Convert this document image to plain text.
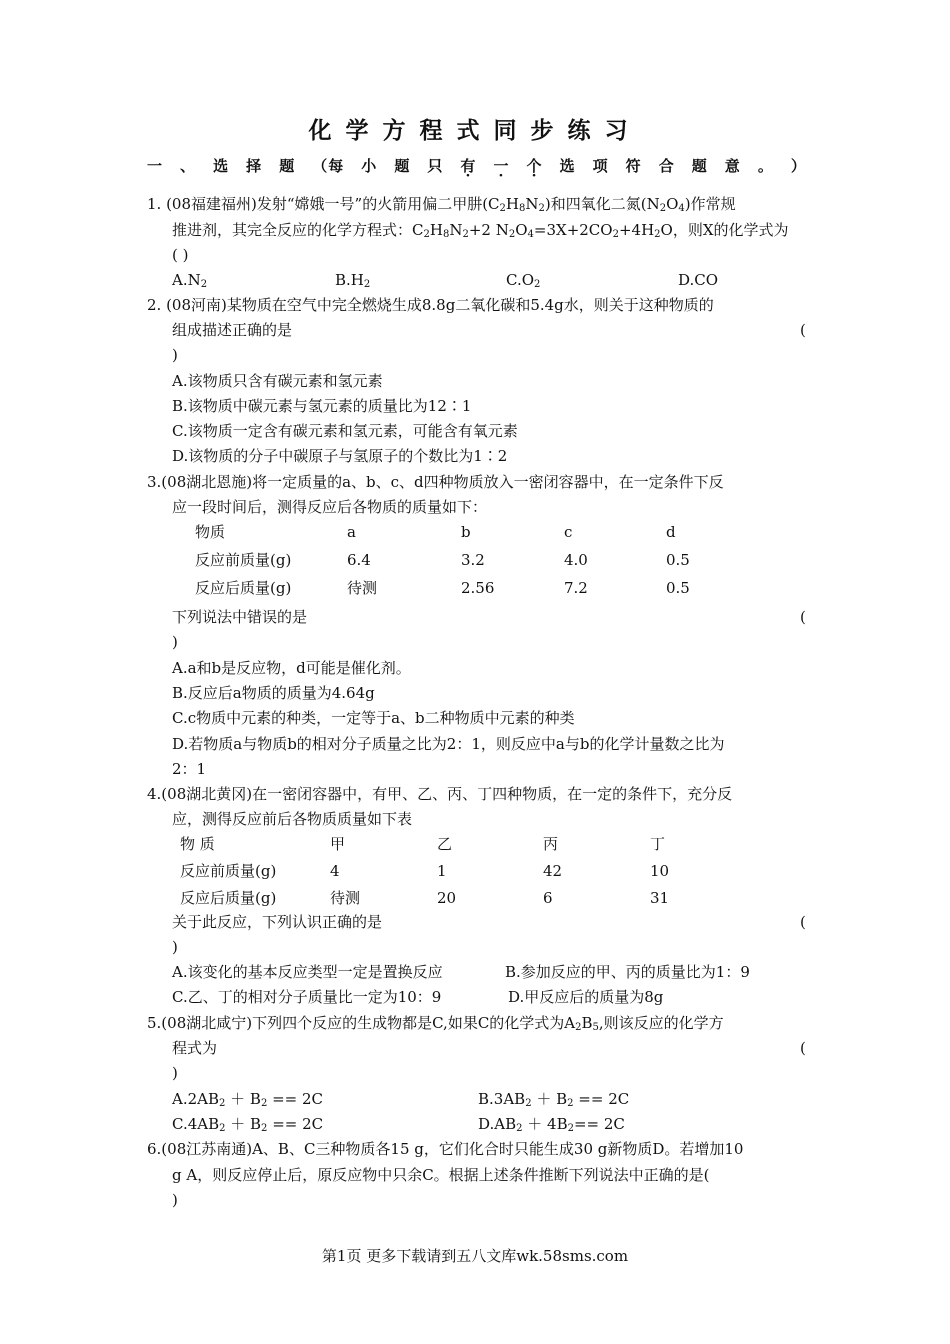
化学方程式同步练习
一 、 选 择 题 （每 小 题 只 有 · 一 · 个 · 选 项 符 合 题 意 。 ）
1. (08福建福州)发射“嫦娥一号”的火箭用偏二甲肼$(C_2H_8N_2)$和四氧化二氮$(N_2O_4)$作常规
推进剂，其完全反应的化学方程式：$C_2H_8N_2+2$ $N_2O_4=3X+2CO_2+4H_2O$，则X的化学式为
( )
$A.N_2$	$B.H_2$	$C.O_2$	D.CO
2. (08河南)某物质在空气中完全燃烧生成8.8g二氧化碳和5.4g水，则关于这种物质的
组成描述正确的是	(
)
A.该物质只含有碳元素和氢元素
B.该物质中碳元素与氢元素的质量比为12∶1
C.该物质一定含有碳元素和氢元素，可能含有氧元素
D.该物质的分子中碳原子与氢原子的个数比为1∶2
3.(08湖北恩施)将一定质量的a、b、c、d四种物质放入一密闭容器中，在一定条件下反
应一段时间后，测得反应后各物质的质量如下：
物质	a	b	c	d
反应前质量(g)	6.4	3.2	4.0	0.5
反应后质量(g)	待测	2.56	7.2	0.5
下列说法中错误的是	(
)
A.a和b是反应物，d可能是催化剂。
B.反应后a物质的质量为4.64g
C.c物质中元素的种类，一定等于a、b二种物质中元素的种类
D.若物质a与物质b的相对分子质量之比为2：1，则反应中a与b的化学计量数之比为
2：1
4.(08湖北黄冈)在一密闭容器中，有甲、乙、丙、丁四种物质，在一定的条件下，充分反
应，测得反应前后各物质质量如下表
物 质	甲	乙	丙	丁
反应前质量(g)	4	1	42	10
反应后质量(g)	待测	20	6	31
关于此反应，下列认识正确的是	(
)
A.该变化的基本反应类型一定是置换反应	B.参加反应的甲、丙的质量比为1：9
C.乙、丁的相对分子质量比一定为10：9	D.甲反应后的质量为8g
5.(08湖北咸宁)下列四个反应的生成物都是C,如果C的化学式为$A_2B_5$,则该反应的化学方
程式为	(
)
$A.2AB_2 + B_2 == 2C$	$B.3AB_2 + B_2 == 2C$
$C.4AB_2 + B_2 == 2C$	$D.AB_2 + 4B_2== 2C$
6.(08江苏南通)A、B、C三种物质各15 g，它们化合时只能生成30 g新物质D。若增加10
g A，则反应停止后，原反应物中只余C。根据上述条件推断下列说法中正确的是(
)
第1页 更多下载请到五八文库wk.58sms.com
